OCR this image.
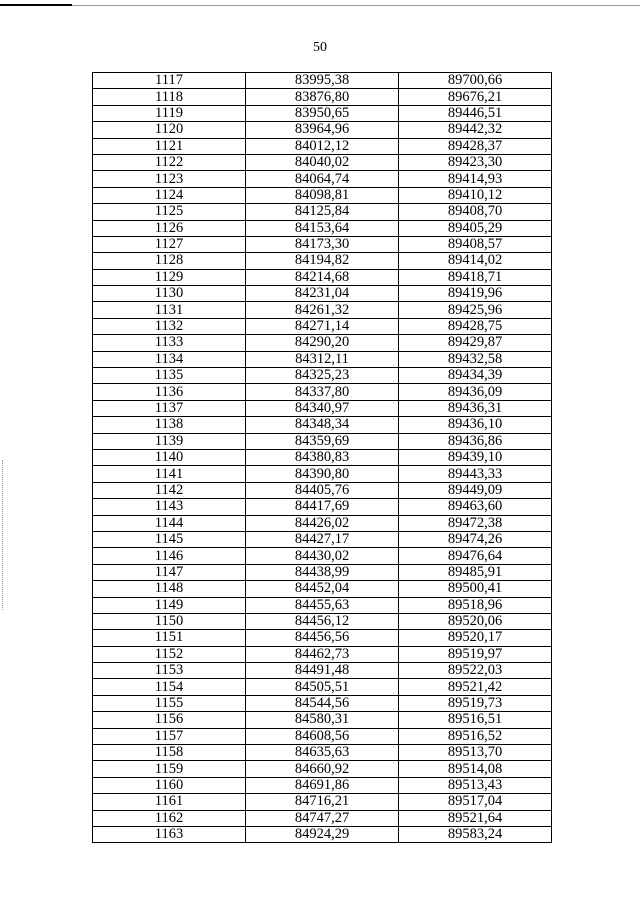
50
1117	83995,38	89700,66
1118	83876,80	89676,21
1119	83950,65	89446,51
1120	83964,96	89442,32
1121	84012,12	89428,37
1122	84040,02	89423,30
1123	84064,74	89414,93
1124	84098,81	89410,12
1125	84125,84	89408,70
1126	84153,64	89405,29
1127	84173,30	89408,57
1128	84194,82	89414,02
1129	84214,68	89418,71
1130	84231,04	89419,96
1131	84261,32	89425,96
1132	84271,14	89428,75
1133	84290,20	89429,87
1134	84312,11	89432,58
1135	84325,23	89434,39
1136	84337,80	89436,09
1137	84340,97	89436,31
1138	84348,34	89436,10
1139	84359,69	89436,86
1140	84380,83	89439,10
1141	84390,80	89443,33
1142	84405,76	89449,09
1143	84417,69	89463,60
1144	84426,02	89472,38
1145	84427,17	89474,26
1146	84430,02	89476,64
1147	84438,99	89485,91
1148	84452,04	89500,41
1149	84455,63	89518,96
1150	84456,12	89520,06
1151	84456,56	89520,17
1152	84462,73	89519,97
1153	84491,48	89522,03
1154	84505,51	89521,42
1155	84544,56	89519,73
1156	84580,31	89516,51
1157	84608,56	89516,52
1158	84635,63	89513,70
1159	84660,92	89514,08
1160	84691,86	89513,43
1161	84716,21	89517,04
1162	84747,27	89521,64
1163	84924,29	89583,24
